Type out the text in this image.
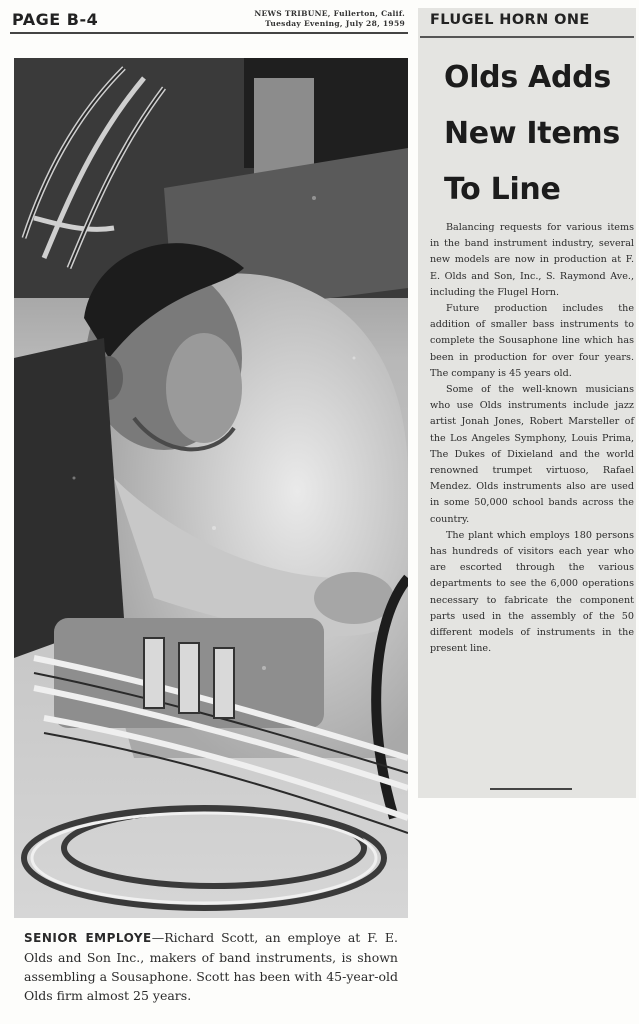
PAGE B-4	NEWS TRIBUNE, Fullerton, Calif.
Tuesday Evening, July 28, 1959
SENIOR EMPLOYE—Richard Scott, an employe at F. E. Olds and Son Inc., makers of band instruments, is shown assembling a Sousaphone. Scott has been with 45-year-old Olds firm almost 25 years.
FLUGEL HORN ONE
Olds Adds
New Items
To Line

Balancing requests for various items in the band instrument industry, several new models are now in production at F. E. Olds and Son, Inc., S. Raymond Ave., including the Flugel Horn.

Future production includes the addition of smaller bass instruments to complete the Sousaphone line which has been in production for over four years. The company is 45 years old.

Some of the well-known musicians who use Olds instruments include jazz artist Jonah Jones, Robert Marsteller of the Los Angeles Symphony, Louis Prima, The Dukes of Dixieland and the world renowned trumpet virtuoso, Rafael Mendez. Olds instruments also are used in some 50,000 school bands across the country.

The plant which employs 180 persons has hundreds of visitors each year who are escorted through the various departments to see the 6,000 operations necessary to fabricate the component parts used in the assembly of the 50 different models of instruments in the present line.
